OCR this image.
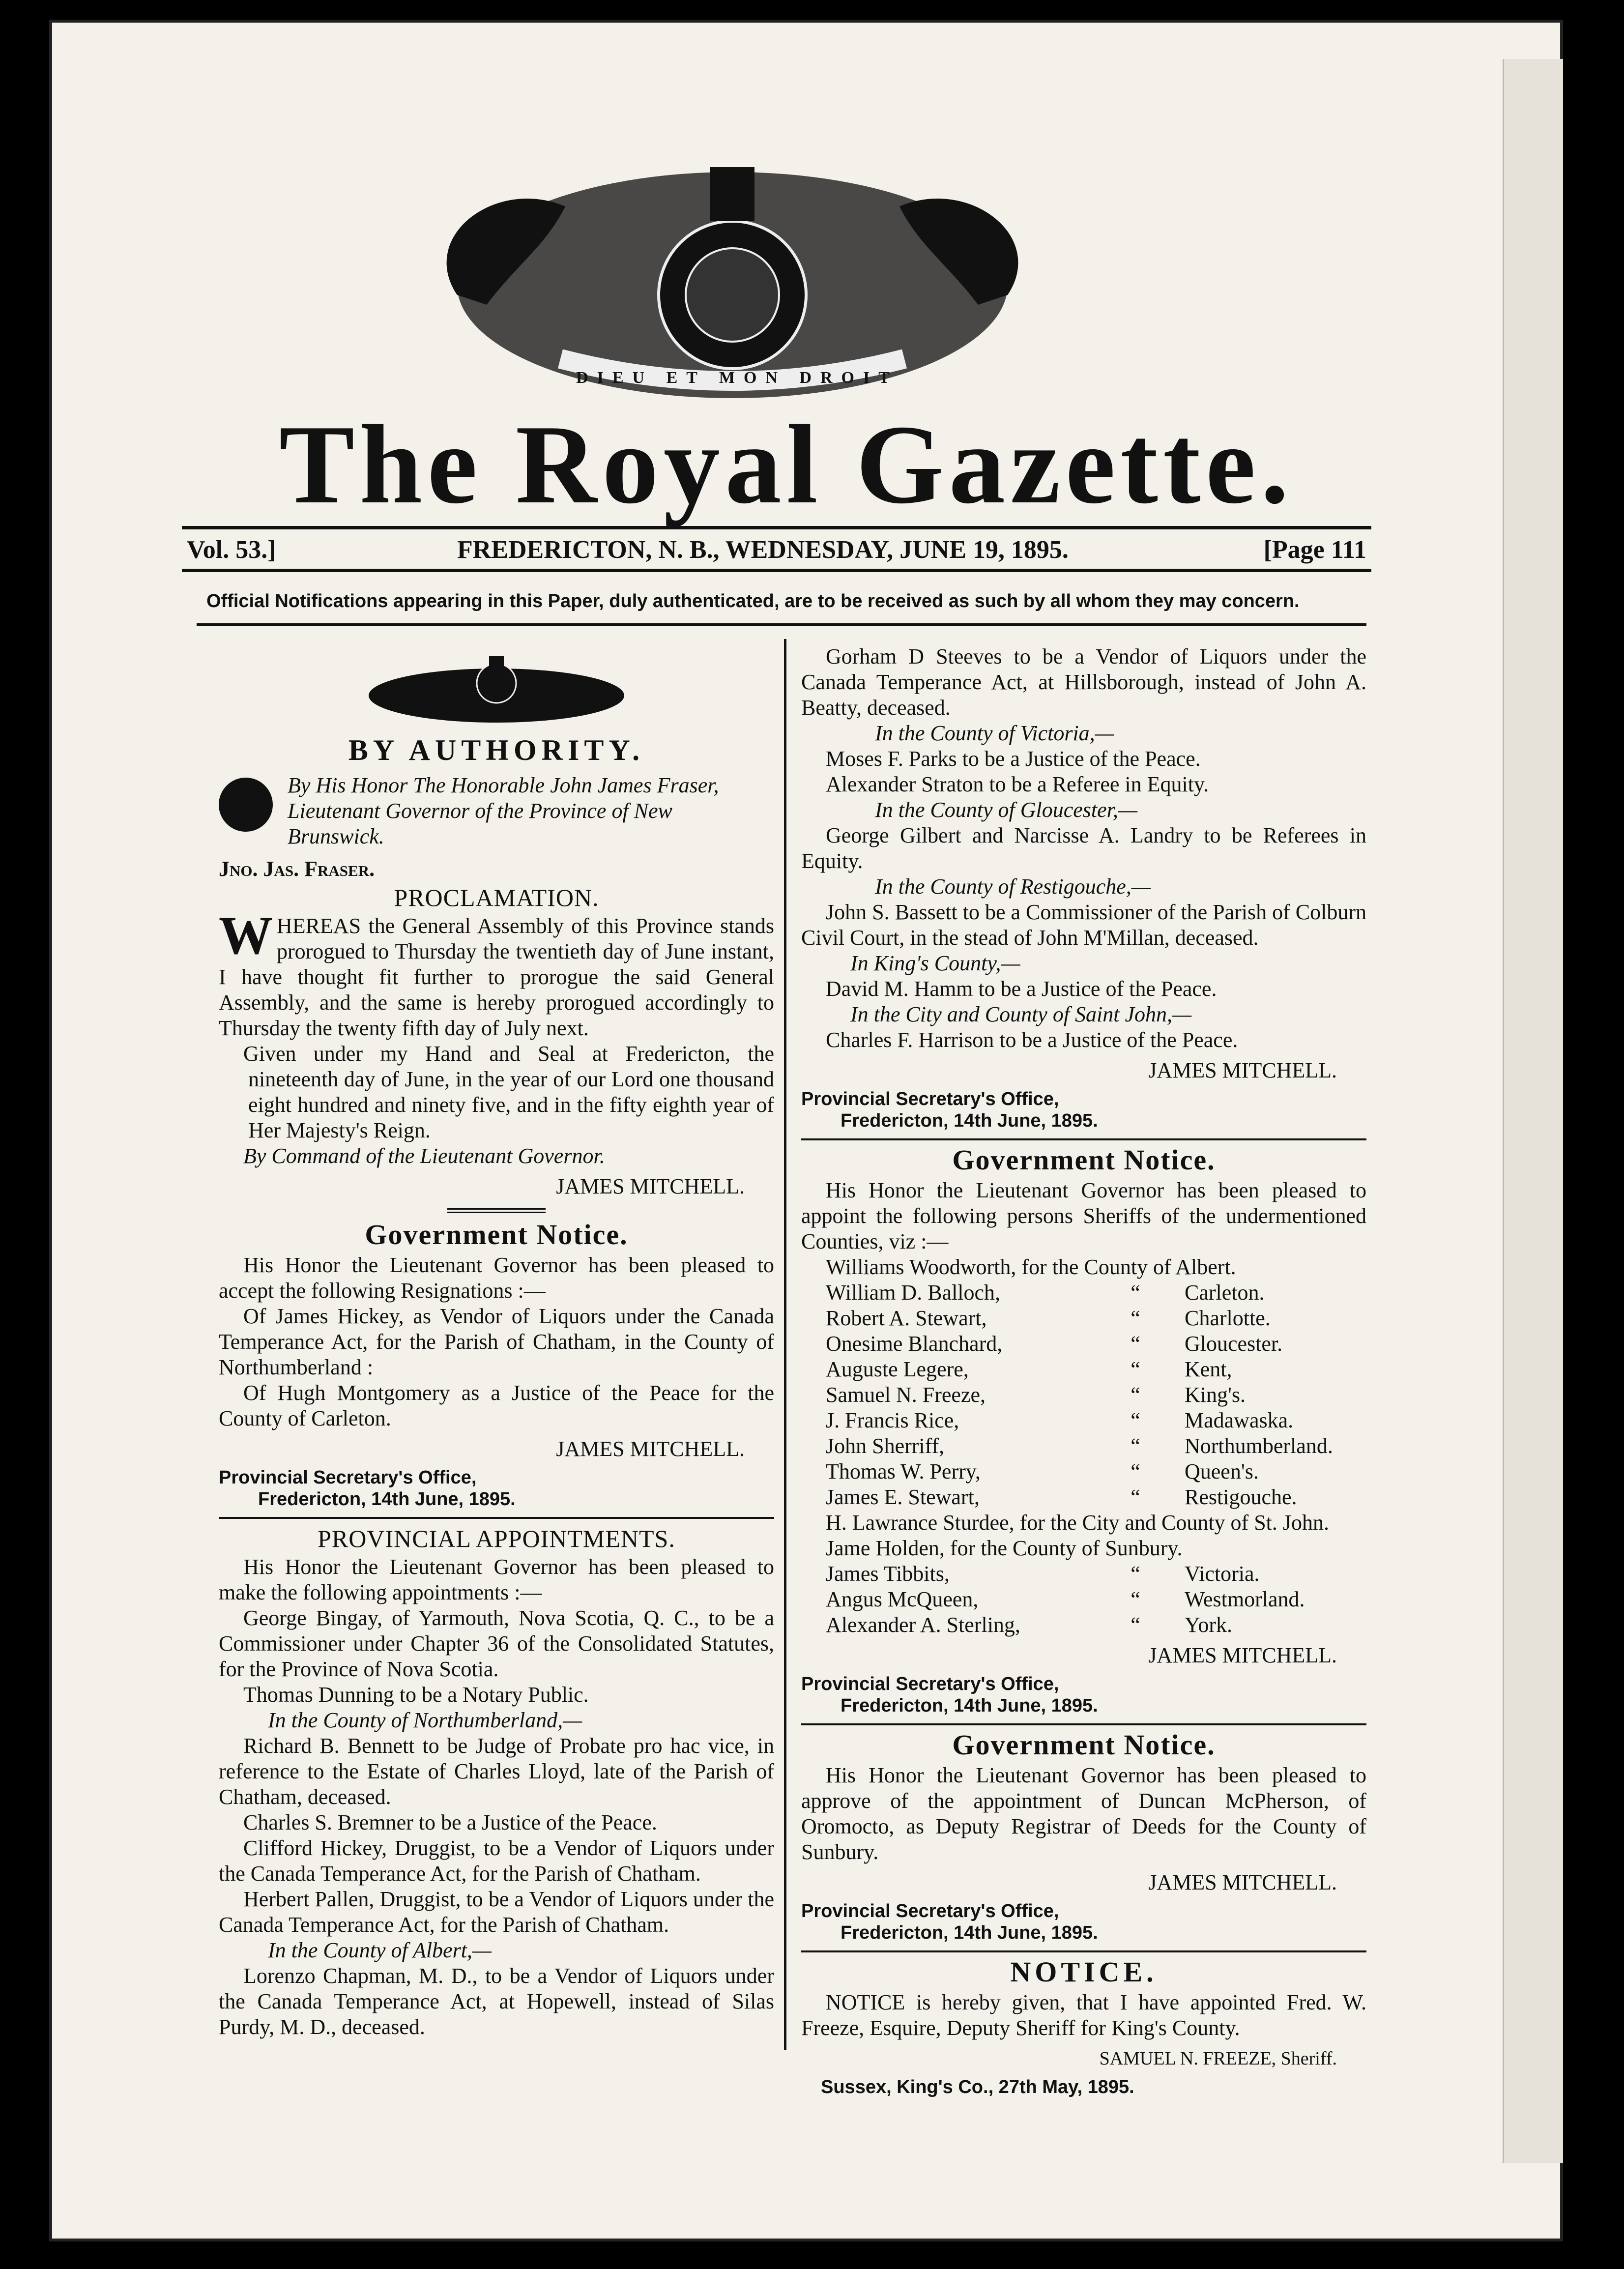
DIEU ET MON DROIT
The Royal Gazette.
Vol. 53.]	FREDERICTON, N. B., WEDNESDAY, JUNE 19, 1895.	[Page 111
Official Notifications appearing in this Paper, duly authenticated, are to be received as such by all whom they may concern.
BY AUTHORITY.
By His Honor The Honorable John James Fraser, Lieutenant Governor of the Province of New Brunswick.
Jno. Jas. Fraser.
PROCLAMATION.
WHEREAS the General Assembly of this Province stands prorogued to Thursday the twentieth day of June instant, I have thought fit further to prorogue the said General Assembly, and the same is hereby prorogued accordingly to Thursday the twenty fifth day of July next.
Given under my Hand and Seal at Fredericton, the nineteenth day of June, in the year of our Lord one thousand eight hundred and ninety five, and in the fifty eighth year of Her Majesty's Reign.
By Command of the Lieutenant Governor.
JAMES MITCHELL.
Government Notice.
His Honor the Lieutenant Governor has been pleased to accept the following Resignations :—
Of James Hickey, as Vendor of Liquors under the Canada Temperance Act, for the Parish of Chatham, in the County of Northumberland :
Of Hugh Montgomery as a Justice of the Peace for the County of Carleton.
JAMES MITCHELL.
Provincial Secretary's Office,
Fredericton, 14th June, 1895.
PROVINCIAL APPOINTMENTS.
His Honor the Lieutenant Governor has been pleased to make the following appointments :—
George Bingay, of Yarmouth, Nova Scotia, Q. C., to be a Commissioner under Chapter 36 of the Consolidated Statutes, for the Province of Nova Scotia.
Thomas Dunning to be a Notary Public.
In the County of Northumberland,—
Richard B. Bennett to be Judge of Probate pro hac vice, in reference to the Estate of Charles Lloyd, late of the Parish of Chatham, deceased.
Charles S. Bremner to be a Justice of the Peace.
Clifford Hickey, Druggist, to be a Vendor of Liquors under the Canada Temperance Act, for the Parish of Chatham.
Herbert Pallen, Druggist, to be a Vendor of Liquors under the Canada Temperance Act, for the Parish of Chatham.
In the County of Albert,—
Lorenzo Chapman, M. D., to be a Vendor of Liquors under the Canada Temperance Act, at Hopewell, instead of Silas Purdy, M. D., deceased.
Gorham D Steeves to be a Vendor of Liquors under the Canada Temperance Act, at Hillsborough, instead of John A. Beatty, deceased.
In the County of Victoria,—
Moses F. Parks to be a Justice of the Peace.
Alexander Straton to be a Referee in Equity.
In the County of Gloucester,—
George Gilbert and Narcisse A. Landry to be Referees in Equity.
In the County of Restigouche,—
John S. Bassett to be a Commissioner of the Parish of Colburn Civil Court, in the stead of John M'Millan, deceased.
In King's County,—
David M. Hamm to be a Justice of the Peace.
In the City and County of Saint John,—
Charles F. Harrison to be a Justice of the Peace.
JAMES MITCHELL.
Provincial Secretary's Office,
Fredericton, 14th June, 1895.
Government Notice.
His Honor the Lieutenant Governor has been pleased to appoint the following persons Sheriffs of the undermentioned Counties, viz :—
Williams Woodworth, for the County of Albert.
William D. Balloch,	“	Carleton.
Robert A. Stewart,	“	Charlotte.
Onesime Blanchard,	“	Gloucester.
Auguste Legere,	“	Kent,
Samuel N. Freeze,	“	King's.
J. Francis Rice,	“	Madawaska.
John Sherriff,	“	Northumberland.
Thomas W. Perry,	“	Queen's.
James E. Stewart,	“	Restigouche.
H. Lawrance Sturdee, for the City and County of St. John.
Jame Holden, for the County of Sunbury.
James Tibbits,	“	Victoria.
Angus McQueen,	“	Westmorland.
Alexander A. Sterling,	“	York.
JAMES MITCHELL.
Provincial Secretary's Office,
Fredericton, 14th June, 1895.
Government Notice.
His Honor the Lieutenant Governor has been pleased to approve of the appointment of Duncan McPherson, of Oromocto, as Deputy Registrar of Deeds for the County of Sunbury.
JAMES MITCHELL.
Provincial Secretary's Office,
Fredericton, 14th June, 1895.
NOTICE.
NOTICE is hereby given, that I have appointed Fred. W. Freeze, Esquire, Deputy Sheriff for King's County.
SAMUEL N. FREEZE, Sheriff.
Sussex, King's Co., 27th May, 1895.
